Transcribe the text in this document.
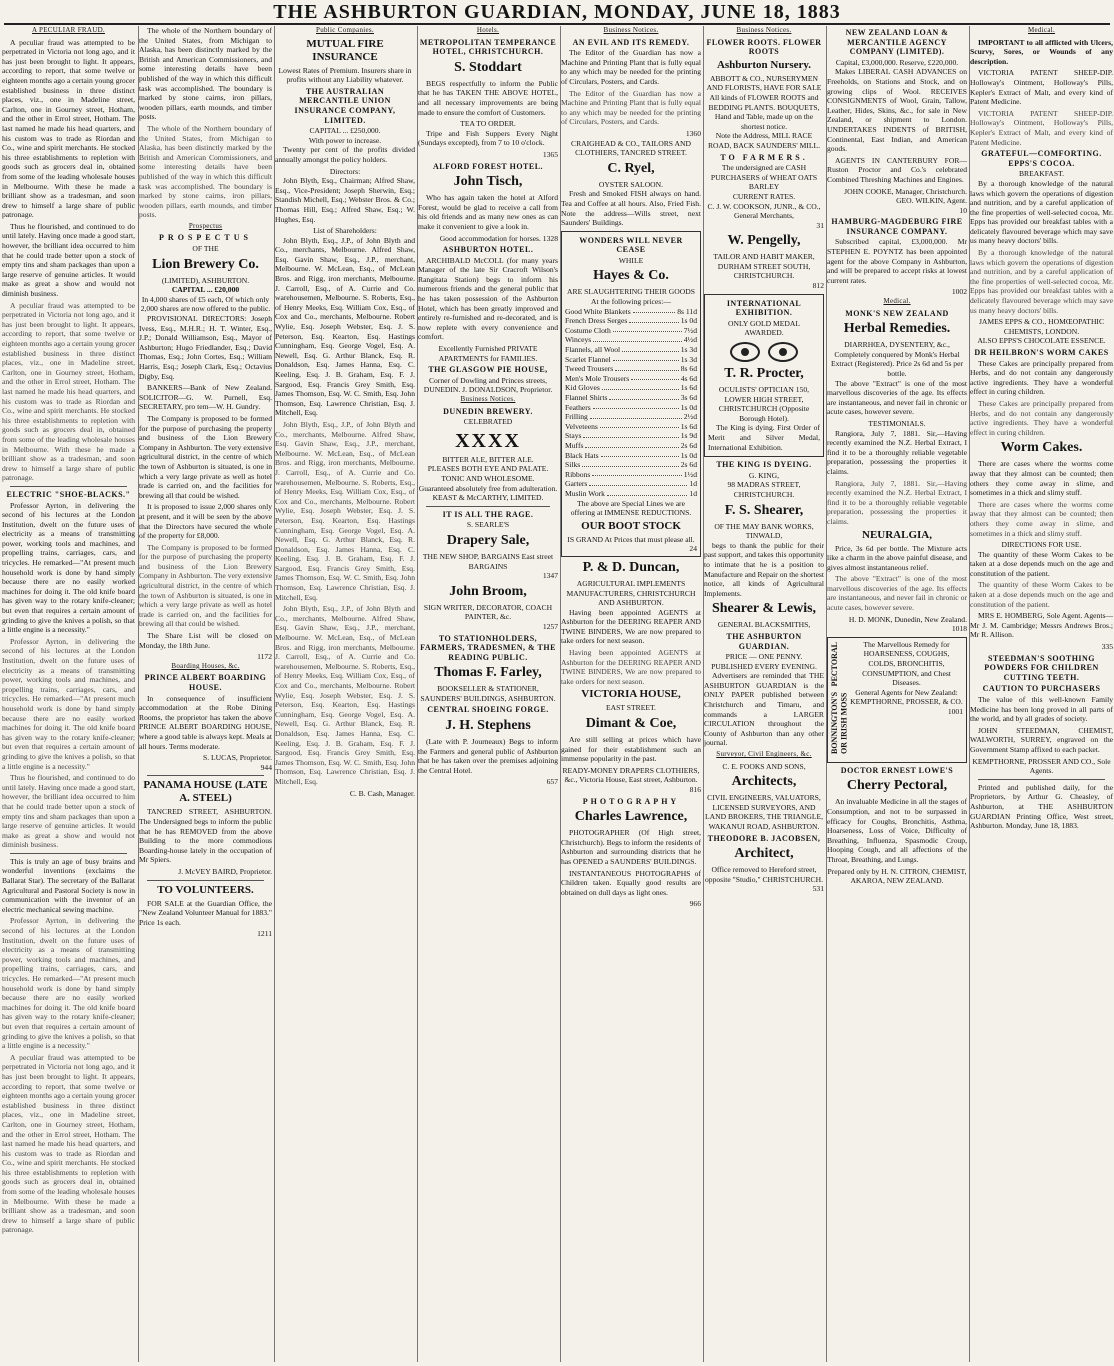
THE ASHBURTON GUARDIAN, MONDAY, JUNE 18, 1883
A PECULIAR FRAUD.

A peculiar fraud was attempted to be perpetrated in Victoria not long ago, and it has just been brought to light. It appears, according to report, that some twelve or eighteen months ago a certain young grocer established business in three distinct places, viz., one in Madeline street, Carlton, one in Gourney street, Hotham, and the other in Errol street, Hotham. The last named he made his head quarters, and his custom was to trade as Riordan and Co., wine and spirit merchants. He stocked his three establishments to repletion with goods such as grocers deal in, obtained from some of the leading wholesale houses in Melbourne. With these he made a brilliant show as a tradesman, and soon drew to himself a large share of public patronage.

Thus he flourished, and continued to do until lately. Having once made a good start, however, the brilliant idea occurred to him that he could trade better upon a stock of empty tins and sham packages than upon a large reserve of genuine articles. It would make as great a show and would not diminish business.

A peculiar fraud was attempted to be perpetrated in Victoria not long ago, and it has just been brought to light. It appears, according to report, that some twelve or eighteen months ago a certain young grocer established business in three distinct places, viz., one in Madeline street, Carlton, one in Gourney street, Hotham, and the other in Errol street, Hotham. The last named he made his head quarters, and his custom was to trade as Riordan and Co., wine and spirit merchants. He stocked his three establishments to repletion with goods such as grocers deal in, obtained from some of the leading wholesale houses in Melbourne. With these he made a brilliant show as a tradesman, and soon drew to himself a large share of public patronage.

ELECTRIC "SHOE-BLACKS."

Professor Ayrton, in delivering the second of his lectures at the London Institution, dwelt on the future uses of electricity as a means of transmitting power, working tools and machines, and propelling trains, carriages, cars, and tricycles. He remarked—"At present much household work is done by hand simply because there are no easily worked machines for doing it. The old knife board has given way to the rotary knife-cleaner; but even that requires a certain amount of grinding to give the knives a polish, so that a little engine is a necessity."

Professor Ayrton, in delivering the second of his lectures at the London Institution, dwelt on the future uses of electricity as a means of transmitting power, working tools and machines, and propelling trains, carriages, cars, and tricycles. He remarked—"At present much household work is done by hand simply because there are no easily worked machines for doing it. The old knife board has given way to the rotary knife-cleaner; but even that requires a certain amount of grinding to give the knives a polish, so that a little engine is a necessity."

Thus he flourished, and continued to do until lately. Having once made a good start, however, the brilliant idea occurred to him that he could trade better upon a stock of empty tins and sham packages than upon a large reserve of genuine articles. It would make as great a show and would not diminish business.

This is truly an age of busy brains and wonderful inventions (exclaims the Ballarat Star). The secretary of the Ballarat Agricultural and Pastoral Society is now in communication with the inventor of an electric mechanical sewing machine.

Professor Ayrton, in delivering the second of his lectures at the London Institution, dwelt on the future uses of electricity as a means of transmitting power, working tools and machines, and propelling trains, carriages, cars, and tricycles. He remarked—"At present much household work is done by hand simply because there are no easily worked machines for doing it. The old knife board has given way to the rotary knife-cleaner; but even that requires a certain amount of grinding to give the knives a polish, so that a little engine is a necessity."

A peculiar fraud was attempted to be perpetrated in Victoria not long ago, and it has just been brought to light. It appears, according to report, that some twelve or eighteen months ago a certain young grocer established business in three distinct places, viz., one in Madeline street, Carlton, one in Gourney street, Hotham, and the other in Errol street, Hotham. The last named he made his head quarters, and his custom was to trade as Riordan and Co., wine and spirit merchants. He stocked his three establishments to repletion with goods such as grocers deal in, obtained from some of the leading wholesale houses in Melbourne. With these he made a brilliant show as a tradesman, and soon drew to himself a large share of public patronage.

The whole of the Northern boundary of the United States, from Michigan to Alaska, has been distinctly marked by the British and American Commissioners, and some interesting details have been published of the way in which this difficult task was accomplished. The boundary is marked by stone cairns, iron pillars, wooden pillars, earth mounds, and timber posts.

The whole of the Northern boundary of the United States, from Michigan to Alaska, has been distinctly marked by the British and American Commissioners, and some interesting details have been published of the way in which this difficult task was accomplished. The boundary is marked by stone cairns, iron pillars, wooden pillars, earth mounds, and timber posts.

Prospectus
PROSPECTUS
OF THE
Lion Brewery Co.
(LIMITED), ASHBURTON.
CAPITAL ... £20,000
In 4,000 shares of £5 each, Of which only 2,000 shares are now offered to the public.

PROVISIONAL DIRECTORS: Joseph Ivess, Esq., M.H.R.; H. T. Winter, Esq., J.P.; Donald Williamson, Esq., Mayor of Ashburton; Hugo Friedlander, Esq.; David Thomas, Esq.; John Cortes, Esq.; William Harris, Esq.; Joseph Clark, Esq.; Octavius Digby, Esq.

BANKERS—Bank of New Zealand. SOLICITOR—G. W. Purnell, Esq. SECRETARY, pro tem—W. H. Gundry.

The Company is proposed to be formed for the purpose of purchasing the property and business of the Lion Brewery Company in Ashburton. The very extensive agricultural district, in the centre of which the town of Ashburton is situated, is one in which a very large private as well as hotel trade is carried on, and the facilities for brewing all that could be wished.

It is proposed to issue 2,000 shares only at present, and it will be seen by the above that the Directors have secured the whole of the property for £8,000.

The Company is proposed to be formed for the purpose of purchasing the property and business of the Lion Brewery Company in Ashburton. The very extensive agricultural district, in the centre of which the town of Ashburton is situated, is one in which a very large private as well as hotel trade is carried on, and the facilities for brewing all that could be wished.

The Share List will be closed on Monday, the 18th June.

1172
Boarding Houses, &c.
PRINCE ALBERT BOARDING HOUSE.

In consequence of insufficient accommodation at the Robe Dining Rooms, the proprietor has taken the above PRINCE ALBERT BOARDING HOUSE, where a good table is always kept. Meals at all hours. Terms moderate.

S. LUCAS, Proprietor.
944
PANAMA HOUSE (LATE A. STEEL)

TANCRED STREET, ASHBURTON. The Undersigned begs to inform the public that he has REMOVED from the above Building to the more commodious Boarding-house lately in the occupation of Mr Spiers.

J. McVEY BAIRD, Proprietor.
TO VOLUNTEERS.

FOR SALE at the Guardian Office, the "New Zealand Volunteer Manual for 1883." Price 1s each.

1211
Public Companies.
MUTUAL FIRE INSURANCE
Lowest Rates of Premium. Insurers share in profits without any Liability whatever.
THE AUSTRALIAN MERCANTILE UNION INSURANCE COMPANY, LIMITED.
CAPITAL ... £250,000.
With power to increase.

Twenty per cent of the profits divided annually amongst the policy holders.

Directors:

John Blyth, Esq., Chairman; Alfred Shaw, Esq., Vice-President; Joseph Sherwin, Esq.; Standish Michell, Esq.; Webster Bros. & Co.; Thomas Hill, Esq.; Alfred Shaw, Esq.; W. Hughes, Esq.

List of Shareholders:

John Blyth, Esq., J.P., of John Blyth and Co., merchants, Melbourne. Alfred Shaw, Esq. Gavin Shaw, Esq., J.P., merchant, Melbourne. W. McLean, Esq., of McLean Bros. and Rigg, iron merchants, Melbourne. J. Carroll, Esq., of A. Currie and Co. warehousemen, Melbourne. S. Roberts, Esq., of Henry Meeks, Esq. William Cox, Esq., of Cox and Co., merchants, Melbourne. Robert Wylie, Esq. Joseph Webster, Esq. J. S. Peterson, Esq. Kearton, Esq. Hastings Cunningham, Esq. George Vogel, Esq. A. Newell, Esq. G. Arthur Blanck, Esq. R. Donaldson, Esq. James Hanna, Esq. C. Keeling, Esq. J. B. Graham, Esq. F. J. Sargood, Esq. Francis Grey Smith, Esq. James Thomson, Esq. W. C. Smith, Esq. John Thomson, Esq. Lawrence Christian, Esq. J. Mitchell, Esq.

John Blyth, Esq., J.P., of John Blyth and Co., merchants, Melbourne. Alfred Shaw, Esq. Gavin Shaw, Esq., J.P., merchant, Melbourne. W. McLean, Esq., of McLean Bros. and Rigg, iron merchants, Melbourne. J. Carroll, Esq., of A. Currie and Co. warehousemen, Melbourne. S. Roberts, Esq., of Henry Meeks, Esq. William Cox, Esq., of Cox and Co., merchants, Melbourne. Robert Wylie, Esq. Joseph Webster, Esq. J. S. Peterson, Esq. Kearton, Esq. Hastings Cunningham, Esq. George Vogel, Esq. A. Newell, Esq. G. Arthur Blanck, Esq. R. Donaldson, Esq. James Hanna, Esq. C. Keeling, Esq. J. B. Graham, Esq. F. J. Sargood, Esq. Francis Grey Smith, Esq. James Thomson, Esq. W. C. Smith, Esq. John Thomson, Esq. Lawrence Christian, Esq. J. Mitchell, Esq.

John Blyth, Esq., J.P., of John Blyth and Co., merchants, Melbourne. Alfred Shaw, Esq. Gavin Shaw, Esq., J.P., merchant, Melbourne. W. McLean, Esq., of McLean Bros. and Rigg, iron merchants, Melbourne. J. Carroll, Esq., of A. Currie and Co. warehousemen, Melbourne. S. Roberts, Esq., of Henry Meeks, Esq. William Cox, Esq., of Cox and Co., merchants, Melbourne. Robert Wylie, Esq. Joseph Webster, Esq. J. S. Peterson, Esq. Kearton, Esq. Hastings Cunningham, Esq. George Vogel, Esq. A. Newell, Esq. G. Arthur Blanck, Esq. R. Donaldson, Esq. James Hanna, Esq. C. Keeling, Esq. J. B. Graham, Esq. F. J. Sargood, Esq. Francis Grey Smith, Esq. James Thomson, Esq. W. C. Smith, Esq. John Thomson, Esq. Lawrence Christian, Esq. J. Mitchell, Esq.

C. B. Cash, Manager.
Hotels.
METROPOLITAN TEMPERANCE HOTEL, CHRISTCHURCH.
S. Stoddart

BEGS respectfully to inform the Public that he has TAKEN THE ABOVE HOTEL, and all necessary improvements are being made to ensure the comfort of Customers.

TEA TO ORDER.

Tripe and Fish Suppers Every Night (Sundays excepted), from 7 to 10 o'clock.

1365
ALFORD FOREST HOTEL.
John Tisch,

Who has again taken the hotel at Alford Forest, would be glad to receive a call from his old friends and as many new ones as can make it convenient to give a look in.

Good accommodation for horses. 1328
ASHBURTON HOTEL.

ARCHIBALD McCOLL (for many years Manager of the late Sir Cracroft Wilson's Rangitata Station) begs to inform his numerous friends and the general public that he has taken possession of the Ashburton Hotel, which has been greatly improved and entirely re-furnished and re-decorated, and is now replete with every convenience and comfort.

Excellently Furnished PRIVATE APARTMENTS for FAMILIES.
THE GLASGOW PIE HOUSE,
Corner of Dowling and Princes streets, DUNEDIN. J. DONALDSON, Proprietor.
Business Notices.
DUNEDIN BREWERY.
CELEBRATED
XXXX
BITTER ALE, BITTER ALE.
PLEASES BOTH EYE AND PALATE.
TONIC AND WHOLESOME.
Guaranteed absolutely free from adulteration.
KEAST & McCARTHY, LIMITED.
IT IS ALL THE RAGE.
S. SEARLE'S
Drapery Sale,
THE NEW SHOP, BARGAINS East street BARGAINS
1347
John Broom,
SIGN WRITER, DECORATOR, COACH PAINTER, &c.
1257
TO STATIONHOLDERS, FARMERS, TRADESMEN, & THE READING PUBLIC.
Thomas F. Farley,
BOOKSELLER & STATIONER, SAUNDERS' BUILDINGS, ASHBURTON.
CENTRAL SHOEING FORGE.
J. H. Stephens

(Late with P. Journeaux) Begs to inform the Farmers and general public of Ashburton that he has taken over the premises adjoining the Central Hotel.

657
Business Notices.
AN EVIL AND ITS REMEDY.

The Editor of the Guardian has now a Machine and Printing Plant that is fully equal to any which may be needed for the printing of Circulars, Posters, and Cards.

The Editor of the Guardian has now a Machine and Printing Plant that is fully equal to any which may be needed for the printing of Circulars, Posters, and Cards.

1360
CRAIGHEAD & CO., TAILORS AND CLOTHIERS, TANCRED STREET.
C. Ryel,
OYSTER SALOON.

Fresh and Smoked FISH always on hand. Tea and Coffee at all hours. Also, Fried Fish. Note the address—Wills street, next Saunders' Buildings.

WONDERS WILL NEVER CEASE
WHILE
Hayes & Co.
ARE SLAUGHTERING THEIR GOODS At the following prices:—
Good White Blankets	8s 11d
French Dress Serges	1s 0d
Costume Cloth	7½d
Winceys	4½d
Flannels, all Wool	1s 3d
Scarlet Flannel	1s 3d
Tweed Trousers	8s 6d
Men's Mole Trousers	4s 6d
Kid Gloves	1s 6d
Flannel Shirts	3s 6d
Feathers	1s 0d
Frilling	2½d
Velveteens	1s 6d
Stays	1s 9d
Muffs	2s 6d
Black Hats	1s 0d
Silks	2s 6d
Ribbons	1½d
Garters	1d
Muslin Work	1d
The above are Special Lines we are offering at IMMENSE REDUCTIONS.
OUR BOOT STOCK
IS GRAND At Prices that must please all.
24
P. & D. Duncan,
AGRICULTURAL IMPLEMENTS MANUFACTURERS, CHRISTCHURCH AND ASHBURTON.

Having been appointed AGENTS at Ashburton for the DEERING REAPER AND TWINE BINDERS, We are now prepared to take orders for next season.

Having been appointed AGENTS at Ashburton for the DEERING REAPER AND TWINE BINDERS, We are now prepared to take orders for next season.

VICTORIA HOUSE,
EAST STREET.
Dimant & Coe,

Are still selling at prices which have gained for their establishment such an immense popularity in the past.

READY-MONEY DRAPERS CLOTHIERS, &c., Victoria House, East street, Ashburton.
816
PHOTOGRAPHY
Charles Lawrence,

PHOTOGRAPHER (Of High street, Christchurch). Begs to inform the residents of Ashburton and surrounding districts that he has OPENED a SAUNDERS' BUILDINGS.

INSTANTANEOUS PHOTOGRAPHS of Children taken. Equally good results are obtained on dull days as light ones.

966
Business Notices.
FLOWER ROOTS. FLOWER ROOTS
Ashburton Nursery.
ABBOTT & CO., NURSERYMEN AND FLORISTS, HAVE FOR SALE
All kinds of FLOWER ROOTS and BEDDING PLANTS. BOUQUETS, Hand and Table, made up on the shortest notice.
Note the Address, MILL RACE ROAD, BACK SAUNDERS' MILL.
TO FARMERS.
The undersigned are CASH PURCHASERS of WHEAT OATS BARLEY
CURRENT RATES.
C. J. W. COOKSON, JUNR., & CO., General Merchants,
31
W. Pengelly,
TAILOR AND HABIT MAKER, DURHAM STREET SOUTH, CHRISTCHURCH.
812
INTERNATIONAL EXHIBITION.
ONLY GOLD MEDAL AWARDED.
T. R. Procter,
OCULISTS' OPTICIAN 150, LOWER HIGH STREET, CHRISTCHURCH (Opposite Borough Hotel).

The King is dying. First Order of Merit and Silver Medal, International Exhibition.

THE KING IS DYEING.
G. KING,
98 MADRAS STREET, CHRISTCHURCH.
F. S. Shearer,
OF THE MAY BANK WORKS, TINWALD,

begs to thank the public for their past support, and takes this opportunity to intimate that he is a position to Manufacture and Repair on the shortest notice, all kinds of Agricultural Implements.

Shearer & Lewis,
GENERAL BLACKSMITHS,
THE ASHBURTON GUARDIAN.
PRICE — ONE PENNY.
PUBLISHED EVERY EVENING.

Advertisers are reminded that THE ASHBURTON GUARDIAN is the ONLY PAPER published between Christchurch and Timaru, and commands a LARGER CIRCULATION throughout the County of Ashburton than any other journal.

Surveyor, Civil Engineers, &c.
C. E. FOOKS AND SONS,
Architects,
CIVIL ENGINEERS, VALUATORS, LICENSED SURVEYORS, AND LAND BROKERS, THE TRIANGLE, WAKANUI ROAD, ASHBURTON.
THEODORE B. JACOBSEN,
Architect,
Office removed to Hereford street, opposite "Studio," CHRISTCHURCH.
531
NEW ZEALAND LOAN & MERCANTILE AGENCY COMPANY (LIMITED).
Capital, £3,000,000. Reserve, £220,000.

Makes LIBERAL CASH ADVANCES on Freeholds, on Stations and Stock, and on growing clips of Wool. RECEIVES CONSIGNMENTS of Wool, Grain, Tallow, Leather, Hides, Skins, &c., for sale in New Zealand, or shipment to London. UNDERTAKES INDENTS of BRITISH, Continental, East Indian, and American goods.

AGENTS IN CANTERBURY FOR—Ruston Proctor and Co.'s celebrated Combined Threshing Machines and Engines.

JOHN COOKE, Manager, Christchurch. GEO. WILKIN, Agent.
10
HAMBURG-MAGDEBURG FIRE INSURANCE COMPANY.

Subscribed capital, £3,000,000. Mr STEPHEN E. POYNTZ has been appointed agent for the above Company in Ashburton, and will be prepared to accept risks at lowest current rates.

1002
Medical.
MONK'S NEW ZEALAND
Herbal Remedies.
DIARRHŒA, DYSENTERY, &c., Completely conquered by Monk's Herbal Extract (Registered). Price 2s 6d and 5s per bottle.

The above "Extract" is one of the most marvellous discoveries of the age. Its effects are instantaneous, and never fail in chronic or acute cases, however severe.

TESTIMONIALS.

Rangiora, July 7, 1881. Sir,—Having recently examined the N.Z. Herbal Extract, I find it to be a thoroughly reliable vegetable preparation, possessing the properties it claims.

Rangiora, July 7, 1881. Sir,—Having recently examined the N.Z. Herbal Extract, I find it to be a thoroughly reliable vegetable preparation, possessing the properties it claims.

NEURALGIA,

Price, 3s 6d per bottle. The Mixture acts like a charm in the above painful disease, and gives almost instantaneous relief.

The above "Extract" is one of the most marvellous discoveries of the age. Its effects are instantaneous, and never fail in chronic or acute cases, however severe.

H. D. MONK, Dunedin, New Zealand.
1018
BONNINGTON'S PECTORAL OR IRISH MOSS
The Marvellous Remedy for HOARSENESS, COUGHS, COLDS, BRONCHITIS, CONSUMPTION, and Chest Diseases.
General Agents for New Zealand: KEMPTHORNE, PROSSER, & CO.
1001
DOCTOR ERNEST LOWE'S
Cherry Pectoral,

An invaluable Medicine in all the stages of Consumption, and not to be surpassed in efficacy for Coughs, Bronchitis, Asthma, Hoarseness, Loss of Voice, Difficulty of Breathing, Influenza, Spasmodic Croup, Hooping Cough, and all affections of the Throat, Breathing, and Lungs.

Prepared only by H. N. CITRON, CHEMIST, AKAROA, NEW ZEALAND.
Medical.

IMPORTANT to all afflicted with Ulcers, Scurvy, Sores, or Wounds of any description.

VICTORIA PATENT SHEEP-DIP. Holloway's Ointment, Holloway's Pills, Kepler's Extract of Malt, and every kind of Patent Medicine.

VICTORIA PATENT SHEEP-DIP. Holloway's Ointment, Holloway's Pills, Kepler's Extract of Malt, and every kind of Patent Medicine.

GRATEFUL—COMFORTING. EPPS'S COCOA.
BREAKFAST.

By a thorough knowledge of the natural laws which govern the operations of digestion and nutrition, and by a careful application of the fine properties of well-selected cocoa, Mr. Epps has provided our breakfast tables with a delicately flavoured beverage which may save us many heavy doctors' bills.

By a thorough knowledge of the natural laws which govern the operations of digestion and nutrition, and by a careful application of the fine properties of well-selected cocoa, Mr. Epps has provided our breakfast tables with a delicately flavoured beverage which may save us many heavy doctors' bills.

JAMES EPPS & CO., HOMŒOPATHIC CHEMISTS, LONDON.
ALSO EPPS'S CHOCOLATE ESSENCE.
DR HEILBRON'S WORM CAKES

These Cakes are principally prepared from Herbs, and do not contain any dangerously active ingredients. They have a wonderful effect in curing children.

These Cakes are principally prepared from Herbs, and do not contain any dangerously active ingredients. They have a wonderful effect in curing children.

Worm Cakes.

There are cases where the worms come away that they almost can be counted; then others they come away in slime, and sometimes in a thick and slimy stuff.

There are cases where the worms come away that they almost can be counted; then others they come away in slime, and sometimes in a thick and slimy stuff.

DIRECTIONS FOR USE.

The quantity of these Worm Cakes to be taken at a dose depends much on the age and constitution of the patient.

The quantity of these Worm Cakes to be taken at a dose depends much on the age and constitution of the patient.

MRS E. HOMBERG, Sole Agent. Agents—Mr J. M. Cambridge; Messrs Andrews Bros.; Mr R. Allison.

335
STEEDMAN'S SOOTHING POWDERS FOR CHILDREN CUTTING TEETH.
CAUTION TO PURCHASERS

The value of this well-known Family Medicine has been long proved in all parts of the world, and by all grades of society.

JOHN STEEDMAN, CHEMIST, WALWORTH, SURREY, engraved on the Government Stamp affixed to each packet.

KEMPTHORNE, PROSSER AND CO., Sole Agents.

Printed and published daily, for the Proprietors, by Arthur G. Cheasley, of Ashburton, at THE ASHBURTON GUARDIAN Printing Office, West street, Ashburton. Monday, June 18, 1883.
